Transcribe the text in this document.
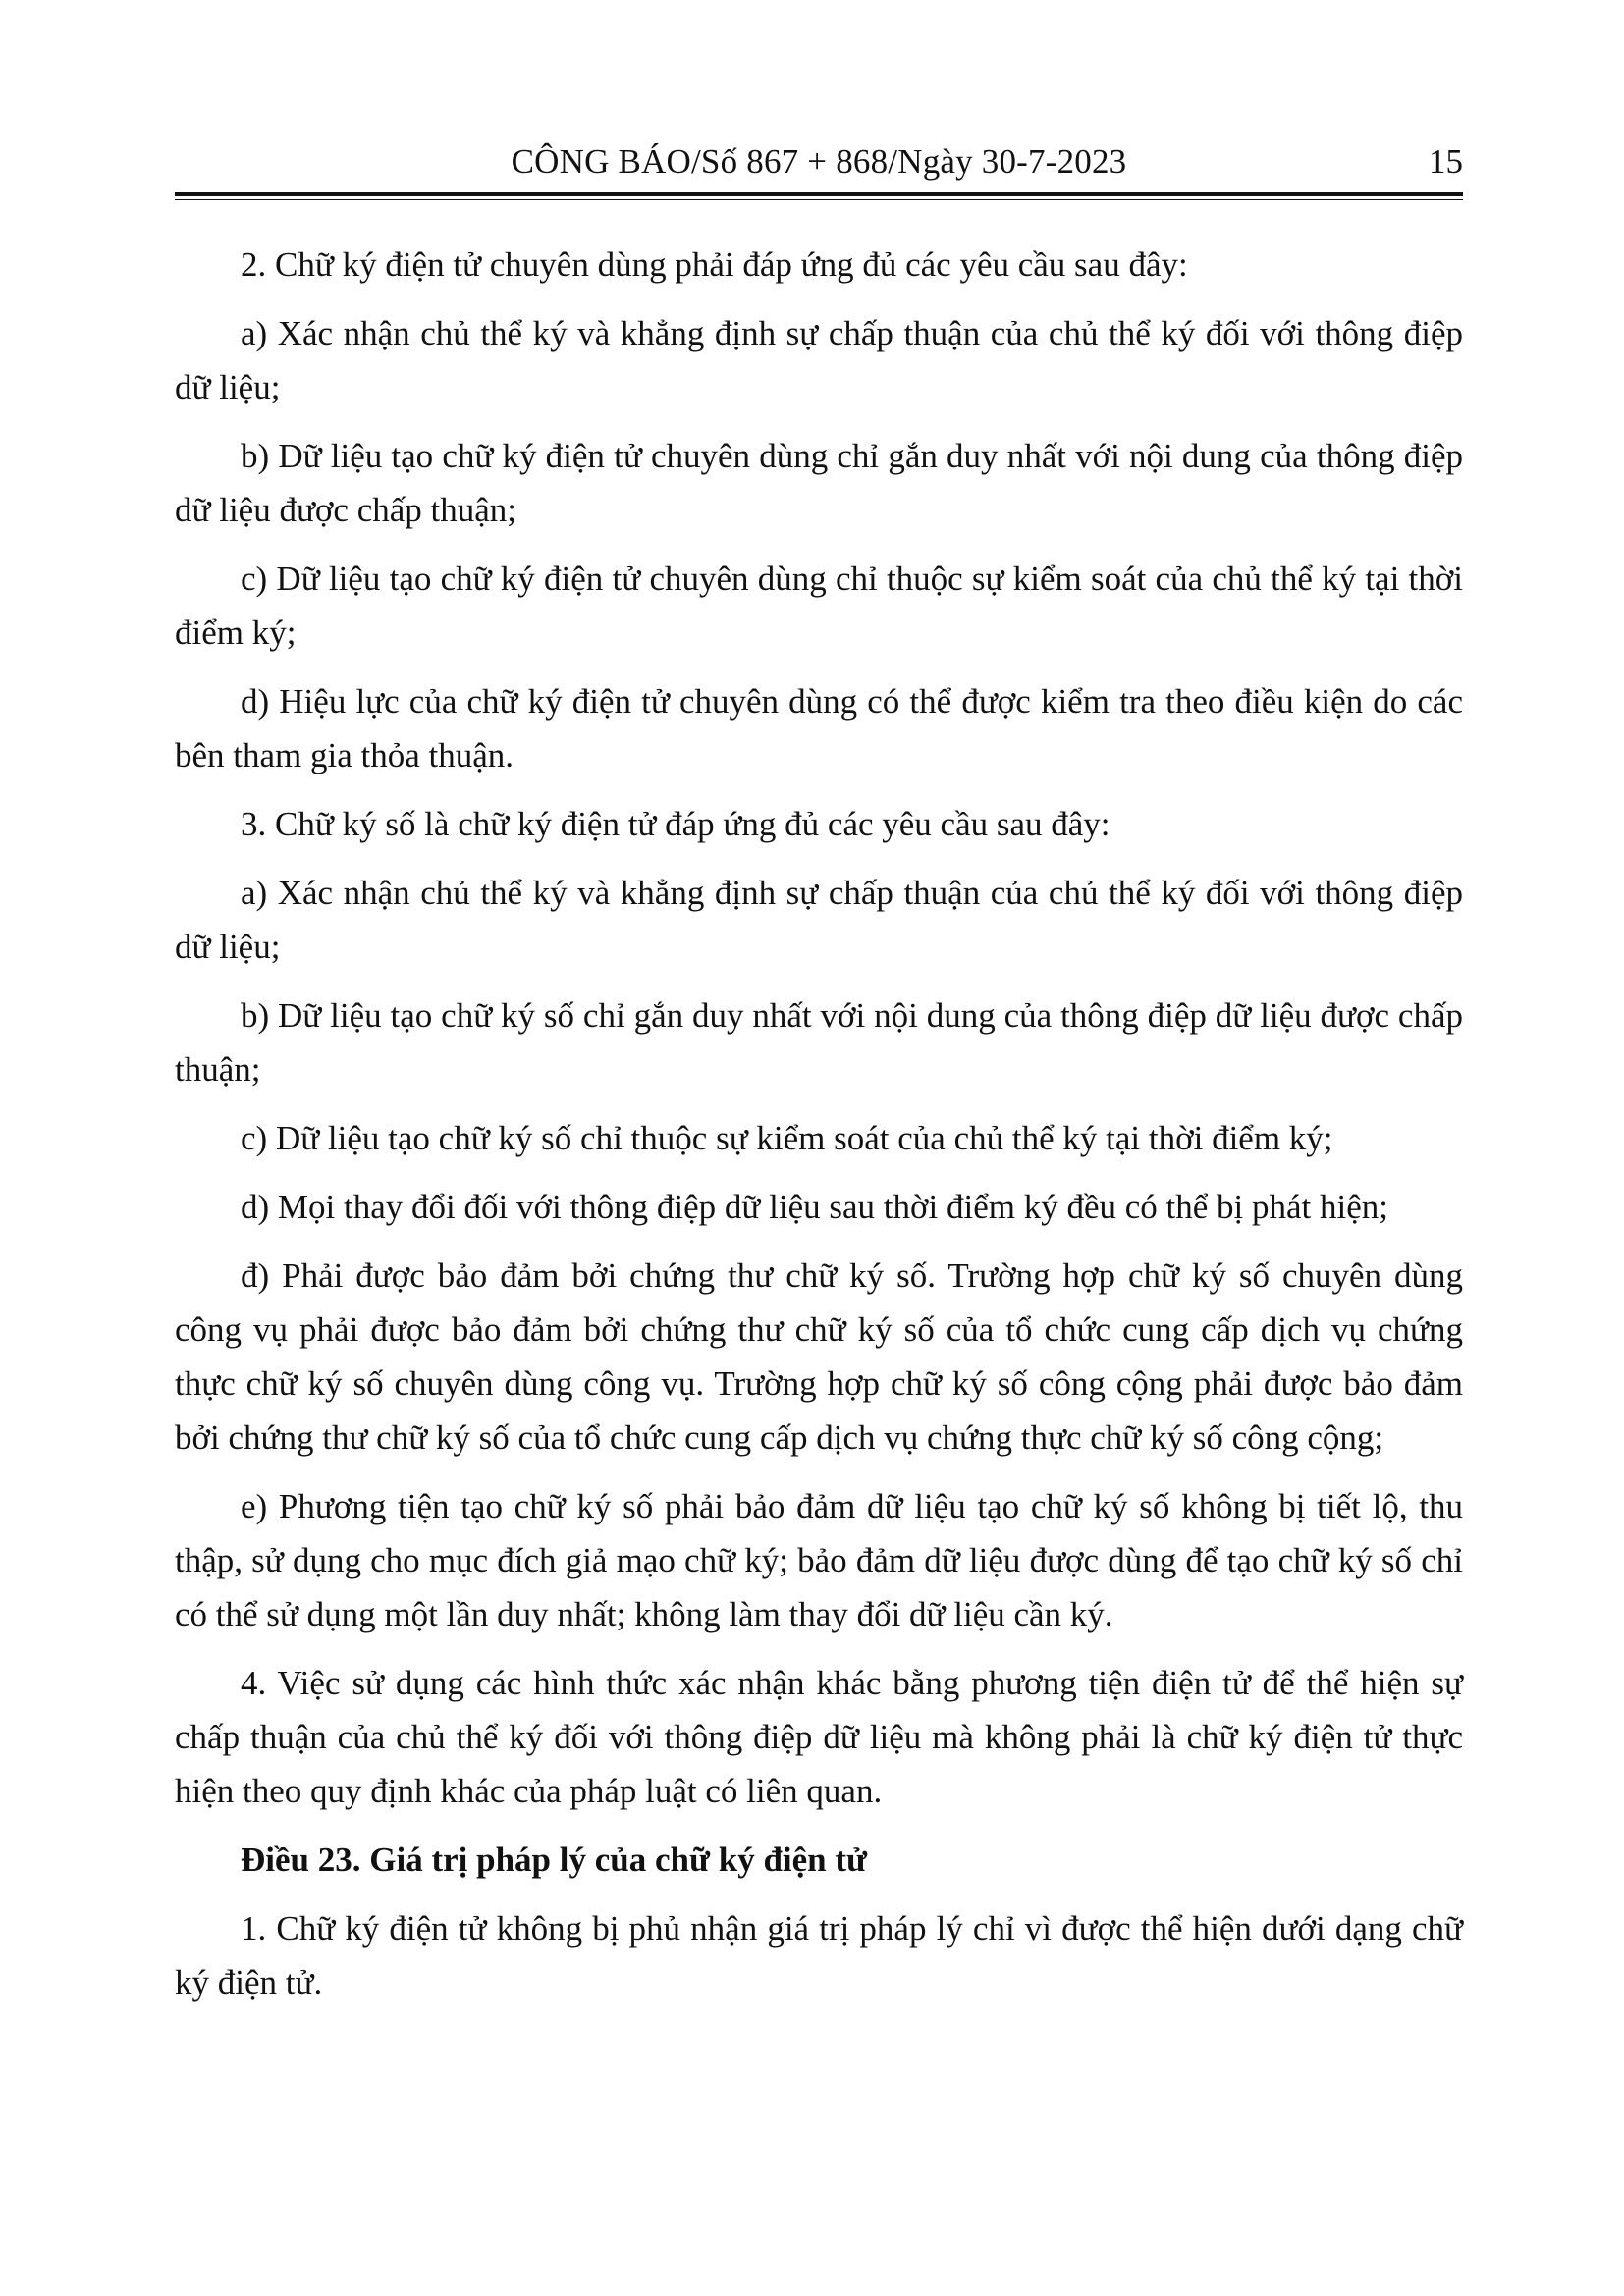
CÔNG BÁO/Số 867 + 868/Ngày 30-7-2023	15

2. Chữ ký điện tử chuyên dùng phải đáp ứng đủ các yêu cầu sau đây:

a) Xác nhận chủ thể ký và khẳng định sự chấp thuận của chủ thể ký đối với thông điệp dữ liệu;

b) Dữ liệu tạo chữ ký điện tử chuyên dùng chỉ gắn duy nhất với nội dung của thông điệp dữ liệu được chấp thuận;

c) Dữ liệu tạo chữ ký điện tử chuyên dùng chỉ thuộc sự kiểm soát của chủ thể ký tại thời điểm ký;

d) Hiệu lực của chữ ký điện tử chuyên dùng có thể được kiểm tra theo điều kiện do các bên tham gia thỏa thuận.

3. Chữ ký số là chữ ký điện tử đáp ứng đủ các yêu cầu sau đây:

a) Xác nhận chủ thể ký và khẳng định sự chấp thuận của chủ thể ký đối với thông điệp dữ liệu;

b) Dữ liệu tạo chữ ký số chỉ gắn duy nhất với nội dung của thông điệp dữ liệu được chấp thuận;

c) Dữ liệu tạo chữ ký số chỉ thuộc sự kiểm soát của chủ thể ký tại thời điểm ký;

d) Mọi thay đổi đối với thông điệp dữ liệu sau thời điểm ký đều có thể bị phát hiện;

đ) Phải được bảo đảm bởi chứng thư chữ ký số. Trường hợp chữ ký số chuyên dùng công vụ phải được bảo đảm bởi chứng thư chữ ký số của tổ chức cung cấp dịch vụ chứng thực chữ ký số chuyên dùng công vụ. Trường hợp chữ ký số công cộng phải được bảo đảm bởi chứng thư chữ ký số của tổ chức cung cấp dịch vụ chứng thực chữ ký số công cộng;

e) Phương tiện tạo chữ ký số phải bảo đảm dữ liệu tạo chữ ký số không bị tiết lộ, thu thập, sử dụng cho mục đích giả mạo chữ ký; bảo đảm dữ liệu được dùng để tạo chữ ký số chỉ có thể sử dụng một lần duy nhất; không làm thay đổi dữ liệu cần ký.

4. Việc sử dụng các hình thức xác nhận khác bằng phương tiện điện tử để thể hiện sự chấp thuận của chủ thể ký đối với thông điệp dữ liệu mà không phải là chữ ký điện tử thực hiện theo quy định khác của pháp luật có liên quan.

Điều 23. Giá trị pháp lý của chữ ký điện tử

1. Chữ ký điện tử không bị phủ nhận giá trị pháp lý chỉ vì được thể hiện dưới dạng chữ ký điện tử.
